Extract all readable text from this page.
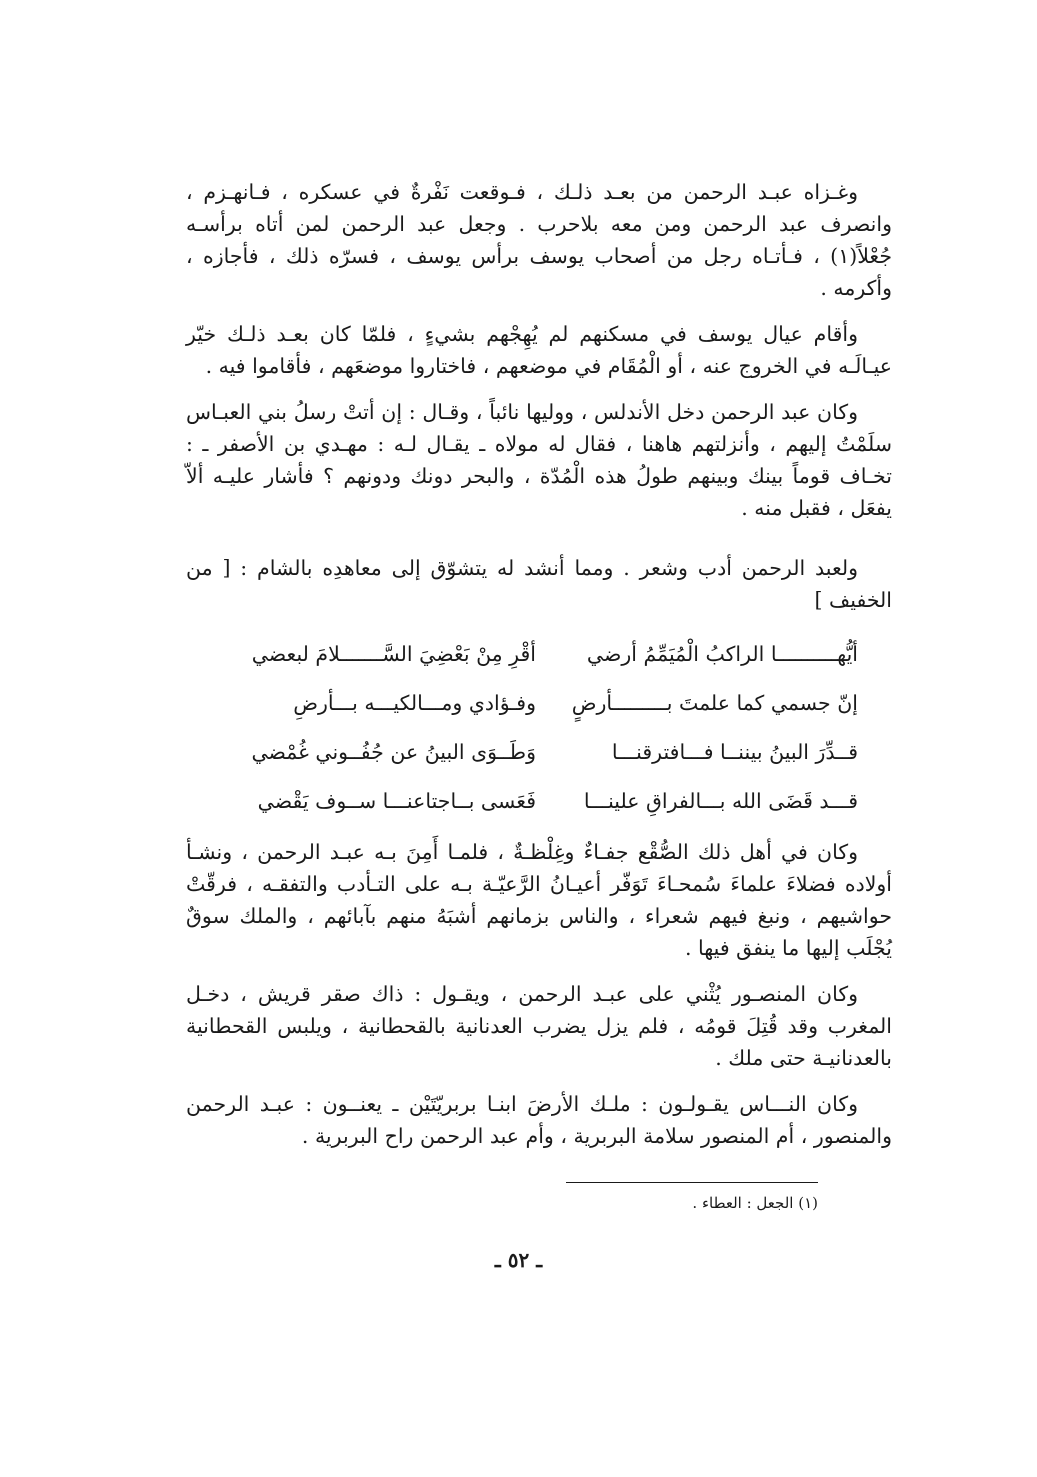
وغـزاه عبـد الرحمن من بعـد ذلـك ، فـوقعت نَفْرةٌ في عسكره ، فـانهـزم ، وانصرف عبد الرحمن ومن معه بلاحرب . وجعل عبد الرحمن لمن أتاه برأسـه جُعْلاً(١) ، فـأتـاه رجل من أصحاب يوسف برأس يوسف ، فسرّه ذلك ، فأجازه ، وأكرمه .

وأقام عيال يوسف في مسكنهم لم يُهِجْهم بشيءٍ ، فلمّا كان بعـد ذلـك خيّر عيـالَـه في الخروج عنه ، أو الْمُقَام في موضعهم ، فاختاروا موضعَهم ، فأقاموا فيه .

وكان عبد الرحمن دخل الأندلس ، ووليها نائباً ، وقـال : إن أتتْ رسلُ بني العبـاس سلَمْتُ إليهم ، وأنزلتهم هاهنا ، فقال له مولاه ـ يقـال لـه : مهـدي بن الأصفر ـ : تخـاف قوماً بينك وبينهم طولُ هذه الْمُدّة ، والبحر دونك ودونهم ؟ فأشار عليـه ألاّ يفعَل ، فقبل منه .

ولعبد الرحمن أدب وشعر . ومما أنشد له يتشوّق إلى معاهدِه بالشام : [ من الخفيف ]

أيُّهــــــــــا الراكبُ الْمُيَمِّمُ أرضي
أقْرِ مِنْ بَعْضِيَ السَّـــــــلامَ لبعضي
إنّ جسمي كما علمتَ بـــــــــأرضٍ
وفـؤادي ومـــالكيـــه بـــأرضِ
قــدِّرَ البينُ بيننــا فـــافترقنـــا
وَطَــوَى البينُ عن جُفُــوني غُمْضي
قـــد قَضَى الله بـــالفراقِ علينـــا
فَعَسى بــاجتاعنـــا ســوف يَقْضي

وكان في أهل ذلك الصُّقْع جفـاءٌ وغِلْظـةٌ ، فلمـا أَمِنَ بـه عبـد الرحمن ، ونشـأ أولاده فضلاءَ علماءَ سُمحـاءَ تَوَفّر أعيـانُ الرَّعيّـة بـه على التـأدب والتفقـه ، فرقّتْ حواشيهم ، ونبغ فيهم شعراء ، والناس بزمانهم أشبَهُ منهم بآبائهم ، والملك سوقٌ يُجْلَب إليها ما ينفق فيها .

وكان المنصـور يُثْني على عبـد الرحمن ، ويقـول : ذاك صقر قريش ، دخـل المغرب وقد قُتِلَ قومُه ، فلم يزل يضرب العدنانية بالقحطانية ، ويلبس القحطانية بالعدنانيـة حتى ملك .

وكان النـــاس يقـولـون : ملـك الأرضَ ابنـا بربريّتَيْن ـ يعنــون : عبـد الرحمن والمنصور ، أم المنصور سلامة البربرية ، وأم عبد الرحمن راح البربرية .

(١) الجعل : العطاء .
ـ ٥٢ ـ
